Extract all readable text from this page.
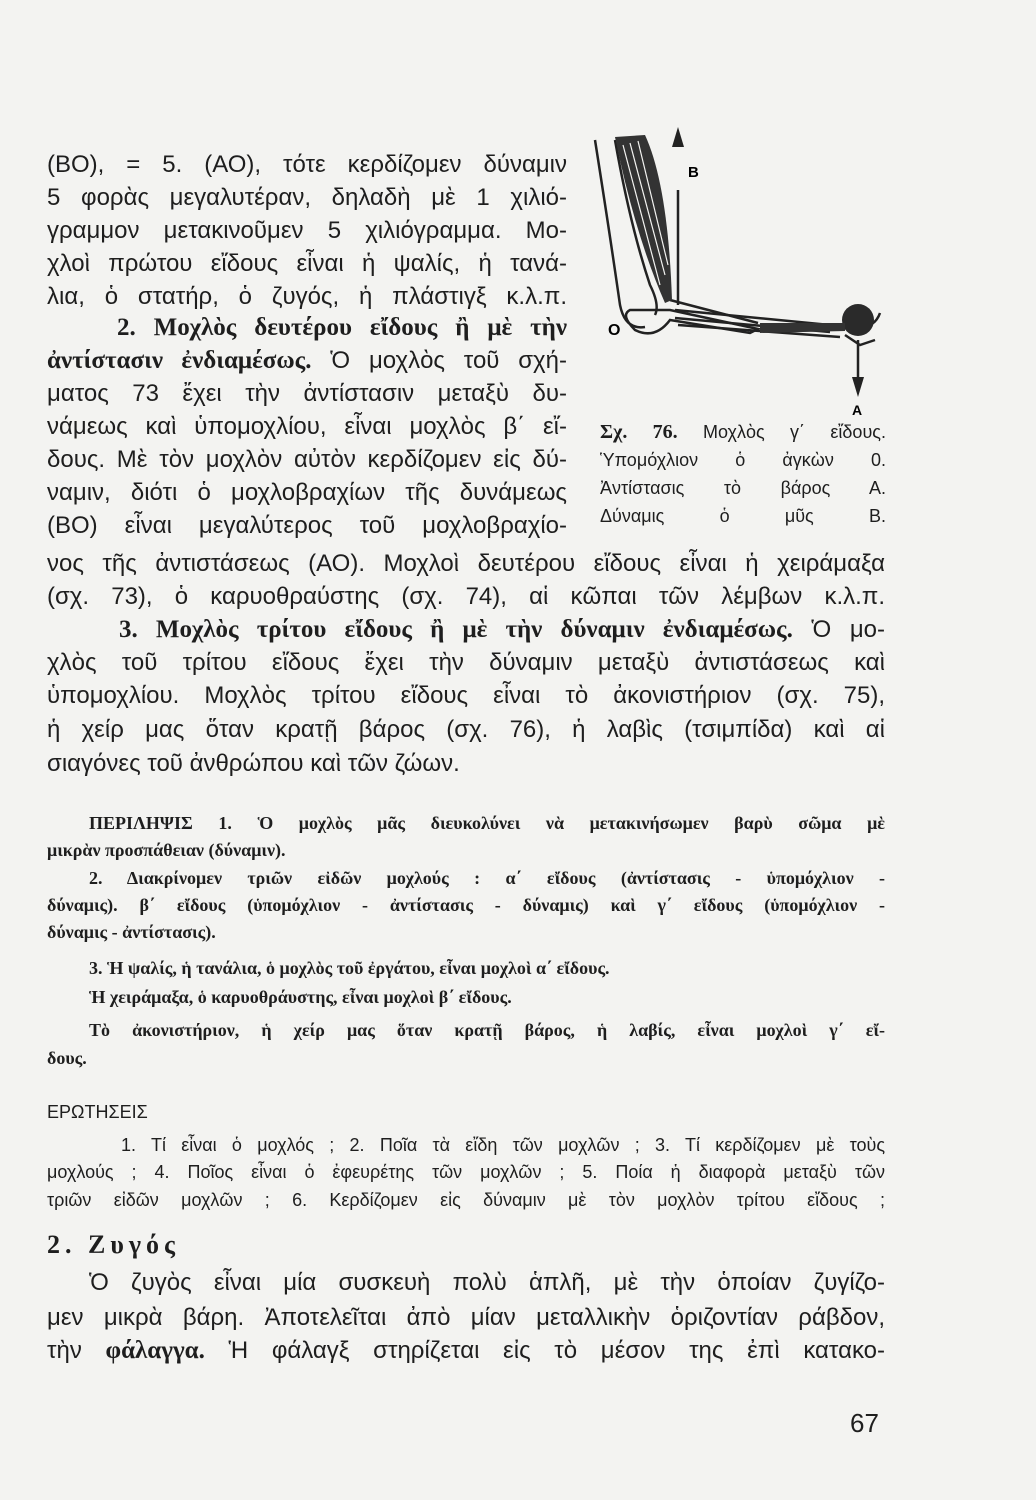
(ΒΟ), = 5. (ΑΟ), τότε κερδίζομεν δύναμιν
5 φορὰς μεγαλυτέραν, δηλαδὴ μὲ 1 χιλιό-
γραμμον μετακινοῦμεν 5 χιλιόγραμμα. Μο-
χλοὶ πρώτου εἴδους εἶναι ἡ ψαλίς, ἡ τανά-
λια, ὁ στατήρ, ὁ ζυγός, ἡ πλάστιγξ κ.λ.π.
2. Μοχλὸς δευτέρου εἴδους ἢ μὲ τὴν
ἀντίστασιν ἐνδιαμέσως. Ὁ μοχλὸς τοῦ σχή-
ματος 73 ἔχει τὴν ἀντίστασιν μεταξὺ δυ-
νάμεως καὶ ὑπομοχλίου, εἶναι μοχλὸς β΄ εἴ-
δους. Μὲ τὸν μοχλὸν αὐτὸν κερδίζομεν εἰς δύ-
ναμιν, διότι ὁ μοχλοβραχίων τῆς δυνάμεως
(ΒΟ) εἶναι μεγαλύτερος τοῦ μοχλοβραχίο-
νος τῆς ἀντιστάσεως (ΑΟ). Μοχλοὶ δευτέρου εἴδους εἶναι ἡ χειράμαξα
(σχ. 73), ὁ καρυοθραύστης (σχ. 74), αἱ κῶπαι τῶν λέμβων κ.λ.π.
3. Μοχλὸς τρίτου εἴδους ἢ μὲ τὴν δύναμιν ἐνδιαμέσως. Ὁ μο-
χλὸς τοῦ τρίτου εἴδους ἔχει τὴν δύναμιν μεταξὺ ἀντιστάσεως καὶ
ὑπομοχλίου. Μοχλὸς τρίτου εἴδους εἶναι τὸ ἀκονιστήριον (σχ. 75),
ἡ χείρ μας ὅταν κρατῇ βάρος (σχ. 76), ἡ λαβὶς (τσιμπίδα) καὶ αἱ
σιαγόνες τοῦ ἀνθρώπου καὶ τῶν ζώων.
B
O
A
Σχ. 76. Μοχλὸς γ΄ εἴδους.
Ὑπομόχλιον ὁ ἀγκὼν 0.
Ἀντίστασις τὸ βάρος Α.
Δύναμις ὁ μῦς Β.
ΠΕΡΙΛΗΨΙΣ 1. Ὁ μοχλὸς μᾶς διευκολύνει νὰ μετακινήσωμεν βαρὺ σῶμα μὲ
μικρὰν προσπάθειαν (δύναμιν).
2. Διακρίνομεν τριῶν εἰδῶν μοχλούς : α΄ εἴδους (ἀντίστασις - ὑπομόχλιον -
δύναμις). β΄ εἴδους (ὑπομόχλιον - ἀντίστασις - δύναμις) καὶ γ΄ εἴδους (ὑπομόχλιον -
δύναμις - ἀντίστασις).
3. Ἡ ψαλίς, ἡ τανάλια, ὁ μοχλὸς τοῦ ἐργάτου, εἶναι μοχλοὶ α΄ εἴδους.
Ἡ χειράμαξα, ὁ καρυοθράυστης, εἶναι μοχλοὶ β΄ εἴδους.
Τὸ ἀκονιστήριον, ἡ χείρ μας ὅταν κρατῇ βάρος, ἡ λαβίς, εἶναι μοχλοὶ γ΄ εἴ-
δους.
ΕΡΩΤΗΣΕΙΣ
1. Τί εἶναι ὁ μοχλός ; 2. Ποῖα τὰ εἴδη τῶν μοχλῶν ; 3. Τί κερδίζομεν μὲ τοὺς
μοχλούς ; 4. Ποῖος εἶναι ὁ ἐφευρέτης τῶν μοχλῶν ; 5. Ποία ἡ διαφορὰ μεταξὺ τῶν
τριῶν εἰδῶν μοχλῶν ; 6. Κερδίζομεν εἰς δύναμιν μὲ τὸν μοχλὸν τρίτου εἴδους ;
2. Ζυγός
Ὁ ζυγὸς εἶναι μία συσκευὴ πολὺ ἁπλῆ, μὲ τὴν ὁποίαν ζυγίζο-
μεν μικρὰ βάρη. Ἀποτελεῖται ἀπὸ μίαν μεταλλικὴν ὁριζοντίαν ράβδον,
τὴν φάλαγγα. Ἡ φάλαγξ στηρίζεται εἰς τὸ μέσον της ἐπὶ κατακο-
67
